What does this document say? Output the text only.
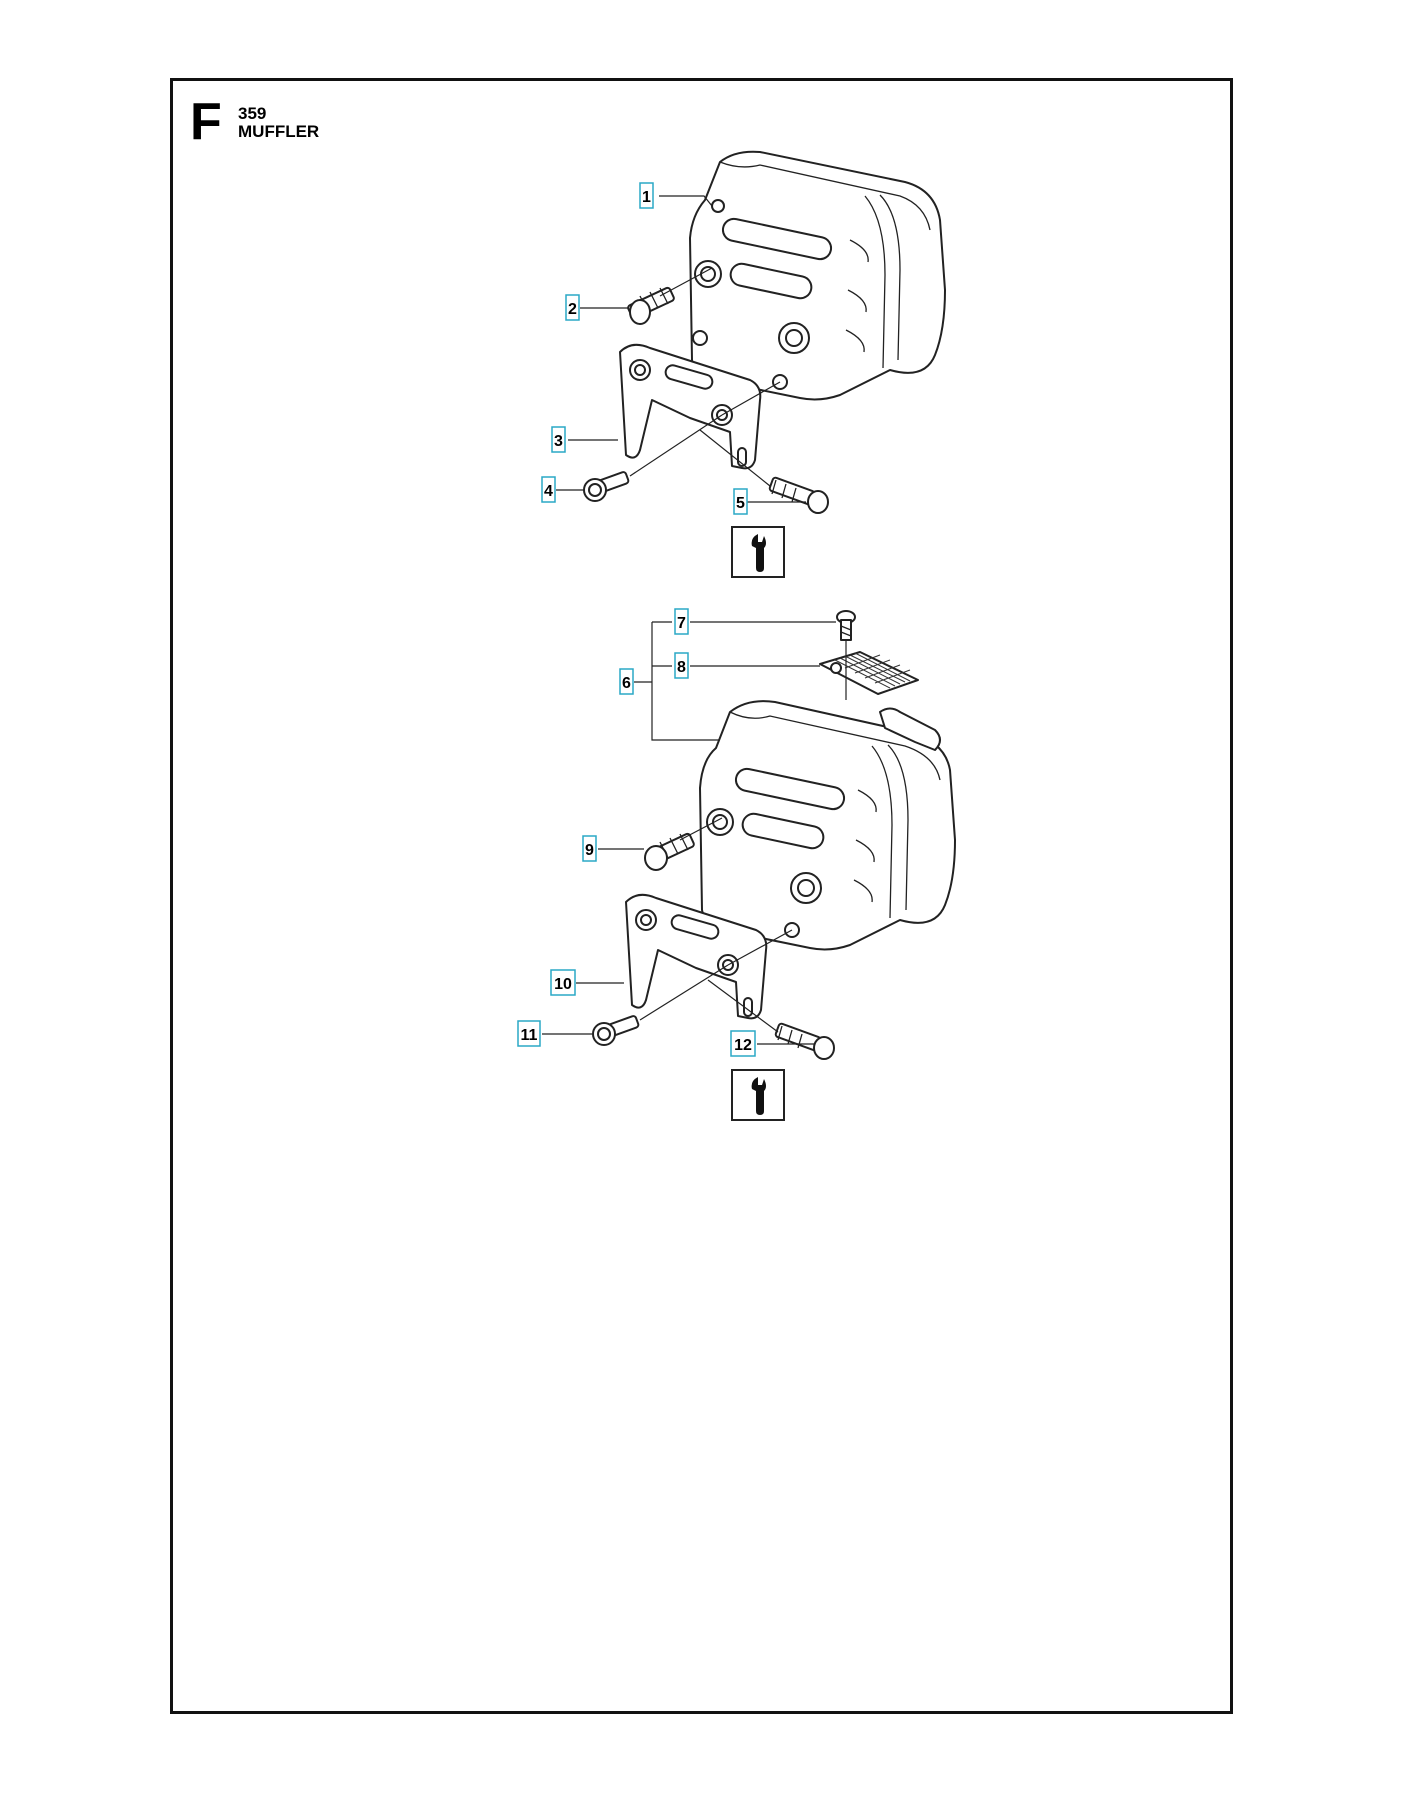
F 359
MUFFLER
1
2
3
4
5
6
7
8
9
10
11
12
